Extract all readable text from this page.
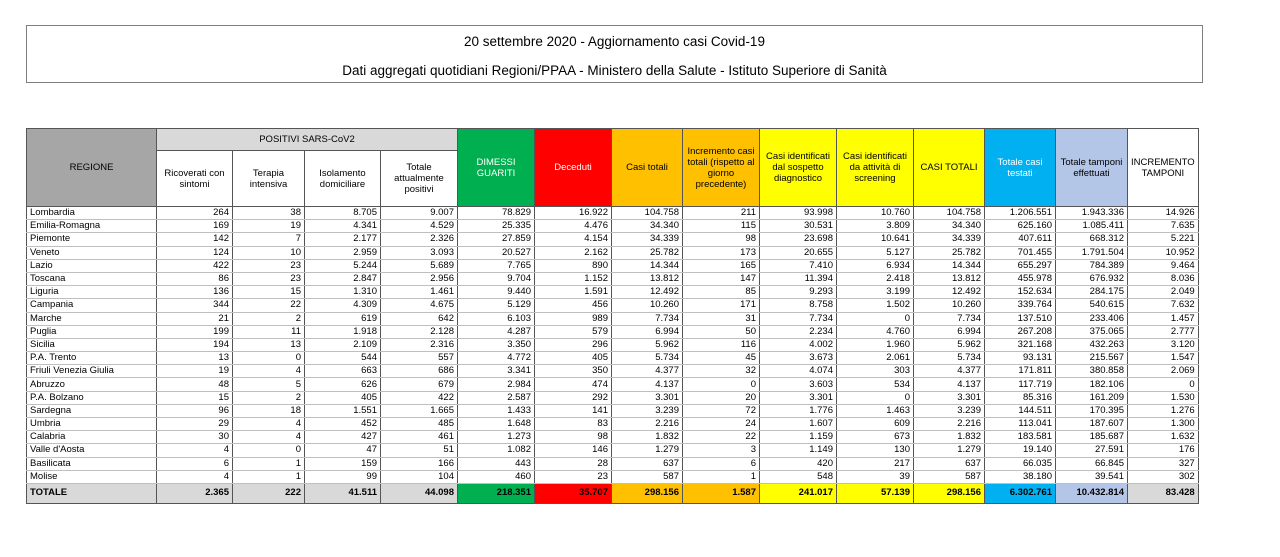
20 settembre 2020 - Aggiornamento casi Covid-19
Dati aggregati quotidiani Regioni/PPAA - Ministero della Salute - Istituto Superiore di Sanità
REGIONE	POSITIVI SARS-CoV2				DIMESSI GUARITI	Deceduti	Casi totali	Incremento casi totali (rispetto al giorno precedente)	Casi identificati dal sospetto diagnostico	Casi identificati da attività di screening	CASI TOTALI	Totale casi testati	Totale tamponi effettuati	INCREMENTO TAMPONI
	Ricoverati con sintomi	Terapia intensiva	Isolamento domiciliare	Totale attualmente positivi										
Lombardia	264	38	8.705	9.007	78.829	16.922	104.758	211	93.998	10.760	104.758	1.206.551	1.943.336	14.926
Emilia-Romagna	169	19	4.341	4.529	25.335	4.476	34.340	115	30.531	3.809	34.340	625.160	1.085.411	7.635
Piemonte	142	7	2.177	2.326	27.859	4.154	34.339	98	23.698	10.641	34.339	407.611	668.312	5.221
Veneto	124	10	2.959	3.093	20.527	2.162	25.782	173	20.655	5.127	25.782	701.455	1.791.504	10.952
Lazio	422	23	5.244	5.689	7.765	890	14.344	165	7.410	6.934	14.344	655.297	784.389	9.464
Toscana	86	23	2.847	2.956	9.704	1.152	13.812	147	11.394	2.418	13.812	455.978	676.932	8.036
Liguria	136	15	1.310	1.461	9.440	1.591	12.492	85	9.293	3.199	12.492	152.634	284.175	2.049
Campania	344	22	4.309	4.675	5.129	456	10.260	171	8.758	1.502	10.260	339.764	540.615	7.632
Marche	21	2	619	642	6.103	989	7.734	31	7.734	0	7.734	137.510	233.406	1.457
Puglia	199	11	1.918	2.128	4.287	579	6.994	50	2.234	4.760	6.994	267.208	375.065	2.777
Sicilia	194	13	2.109	2.316	3.350	296	5.962	116	4.002	1.960	5.962	321.168	432.263	3.120
P.A. Trento	13	0	544	557	4.772	405	5.734	45	3.673	2.061	5.734	93.131	215.567	1.547
Friuli Venezia Giulia	19	4	663	686	3.341	350	4.377	32	4.074	303	4.377	171.811	380.858	2.069
Abruzzo	48	5	626	679	2.984	474	4.137	0	3.603	534	4.137	117.719	182.106	0
P.A. Bolzano	15	2	405	422	2.587	292	3.301	20	3.301	0	3.301	85.316	161.209	1.530
Sardegna	96	18	1.551	1.665	1.433	141	3.239	72	1.776	1.463	3.239	144.511	170.395	1.276
Umbria	29	4	452	485	1.648	83	2.216	24	1.607	609	2.216	113.041	187.607	1.300
Calabria	30	4	427	461	1.273	98	1.832	22	1.159	673	1.832	183.581	185.687	1.632
Valle d'Aosta	4	0	47	51	1.082	146	1.279	3	1.149	130	1.279	19.140	27.591	176
Basilicata	6	1	159	166	443	28	637	6	420	217	637	66.035	66.845	327
Molise	4	1	99	104	460	23	587	1	548	39	587	38.180	39.541	302
TOTALE	2.365	222	41.511	44.098	218.351	35.707	298.156	1.587	241.017	57.139	298.156	6.302.761	10.432.814	83.428
